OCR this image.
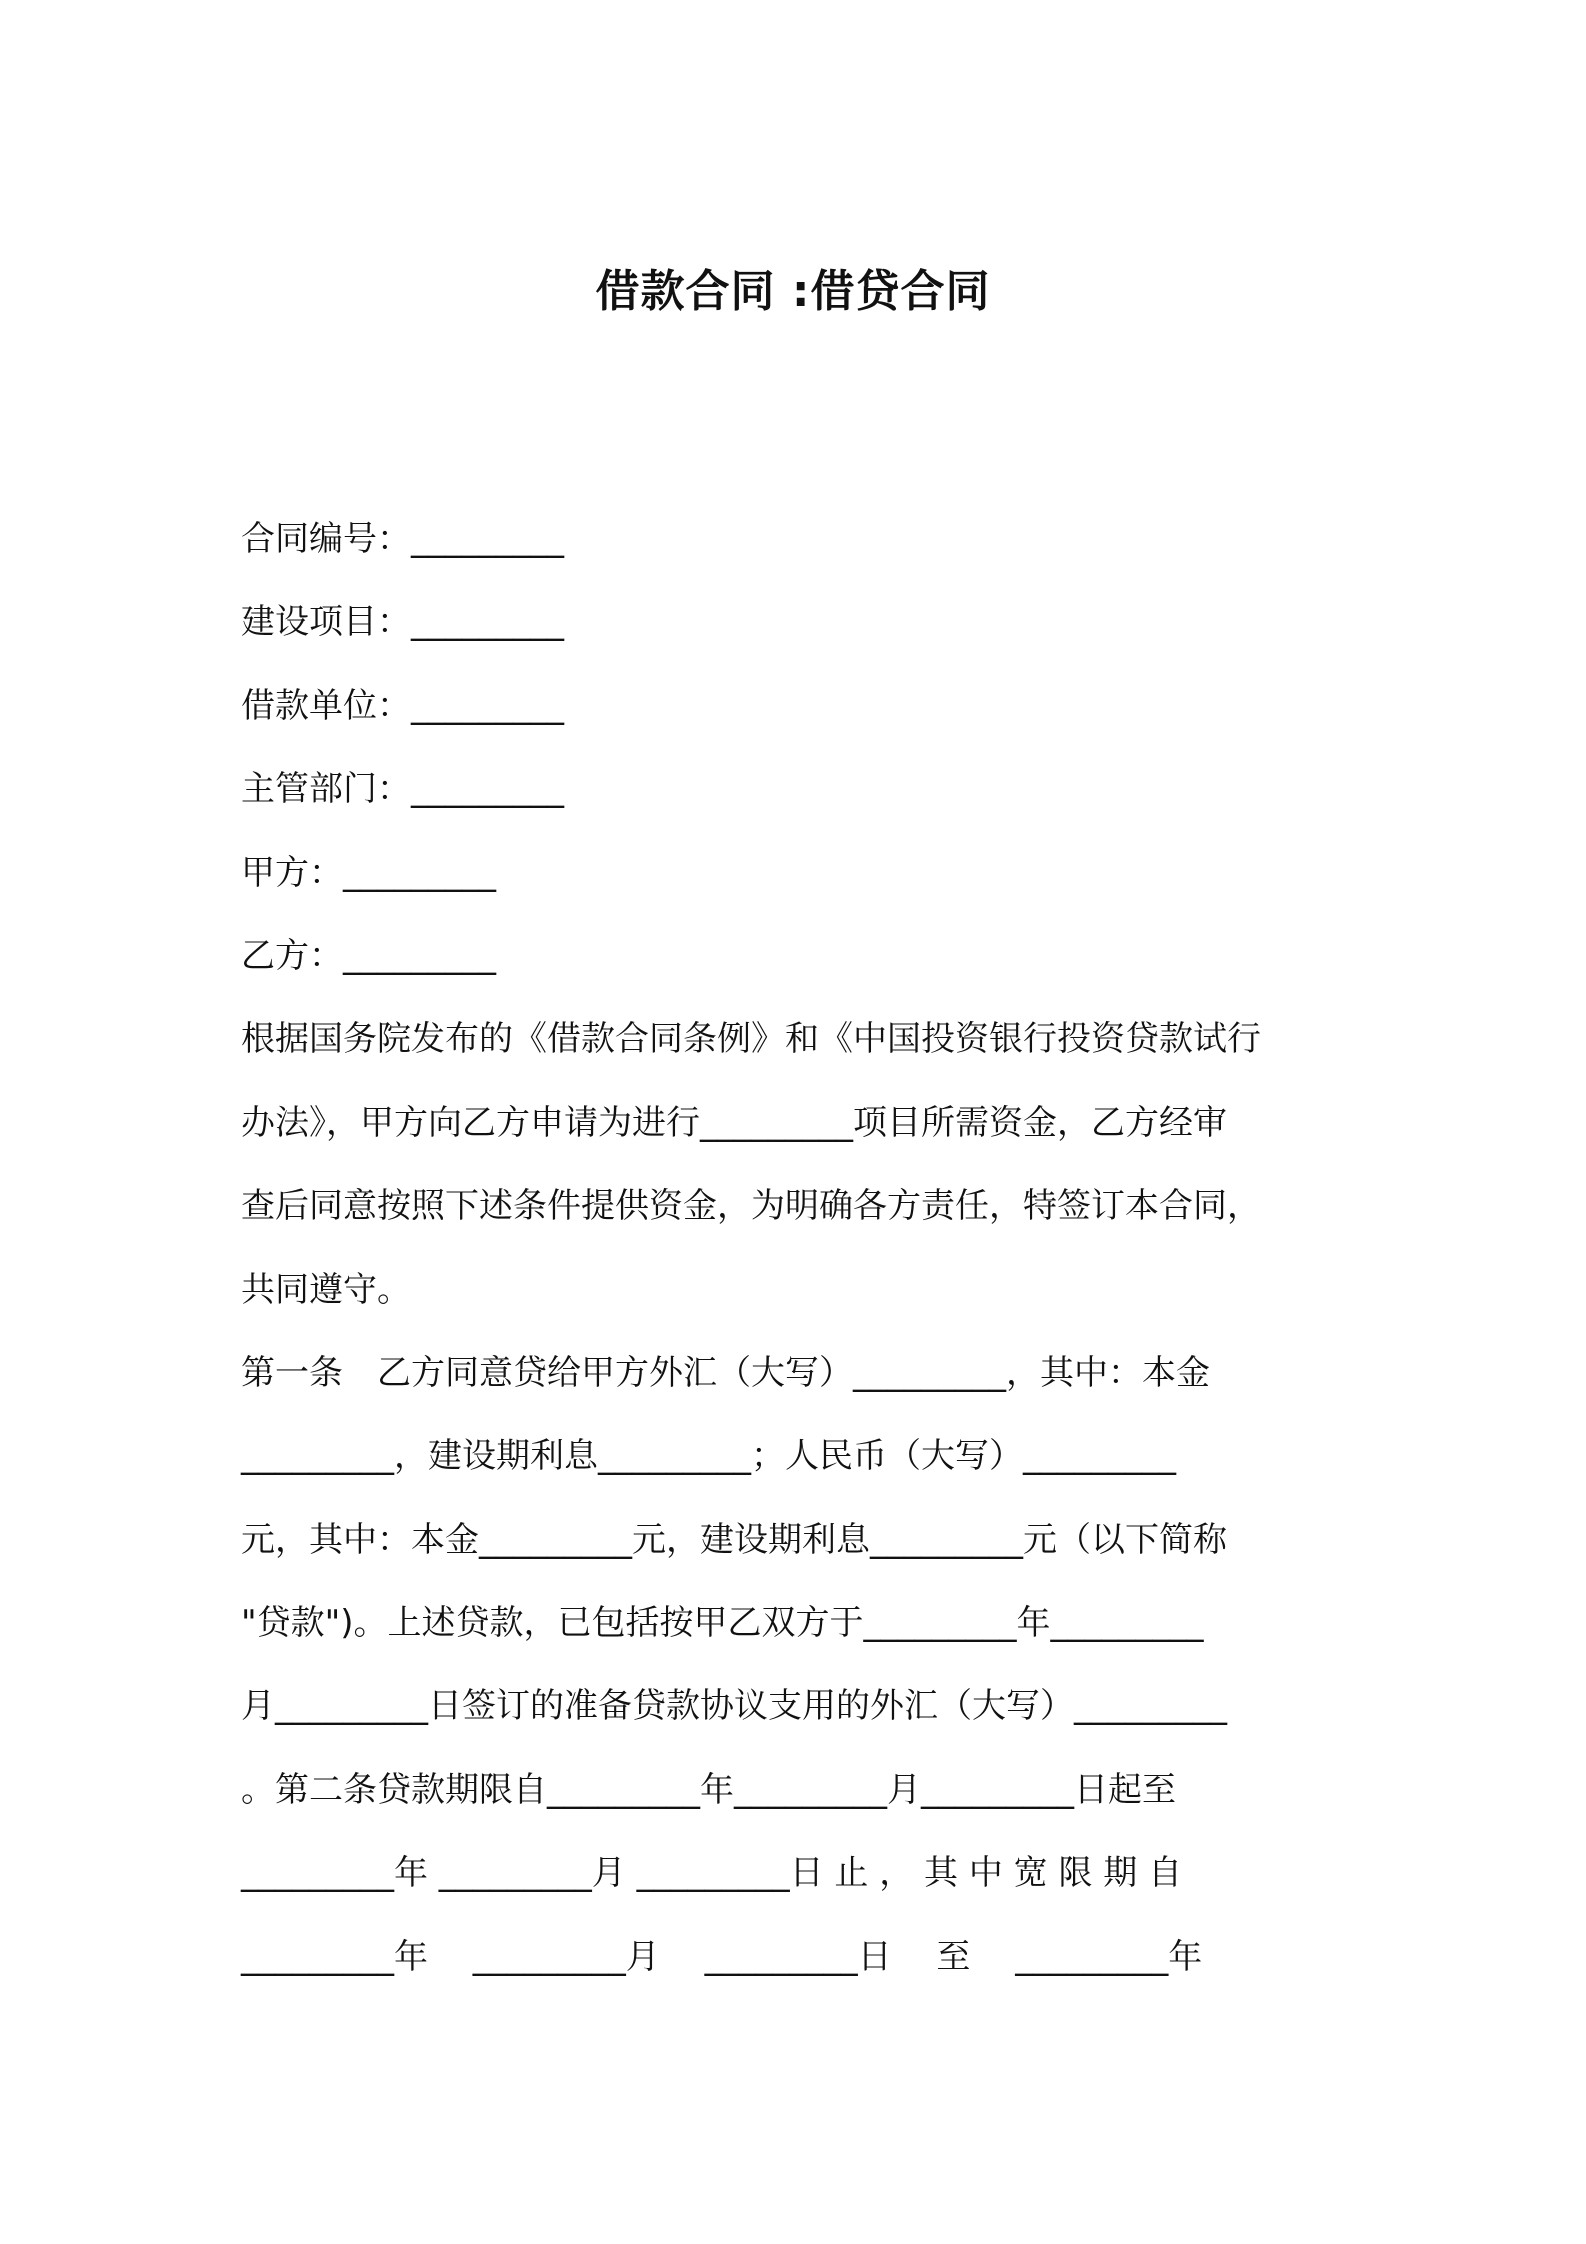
借款合同 :借贷合同
合同编号：_________
建设项目：_________
借款单位：_________
主管部门：_________
甲方：_________
乙方：_________
根据国务院发布的《借款合同条例》和《中国投资银行投资贷款试行
办法》，甲方向乙方申请为进行_________项目所需资金，乙方经审
查后同意按照下述条件提供资金，为明确各方责任，特签订本合同，
共同遵守。
第一条　乙方同意贷给甲方外汇（大写）_________，其中：本金
_________，建设期利息_________；人民币（大写）_________
元，其中：本金_________元，建设期利息_________元（以下简称
"贷款")。上述贷款，已包括按甲乙双方于_________年_________
月_________日签订的准备贷款协议支用的外汇（大写）_________
。第二条贷款期限自_________年_________月_________日起至
_________年 _________月 _________日 止 ， 其 中 宽 限 期 自
_________年　 _________月　 _________日　 至　 _________年
